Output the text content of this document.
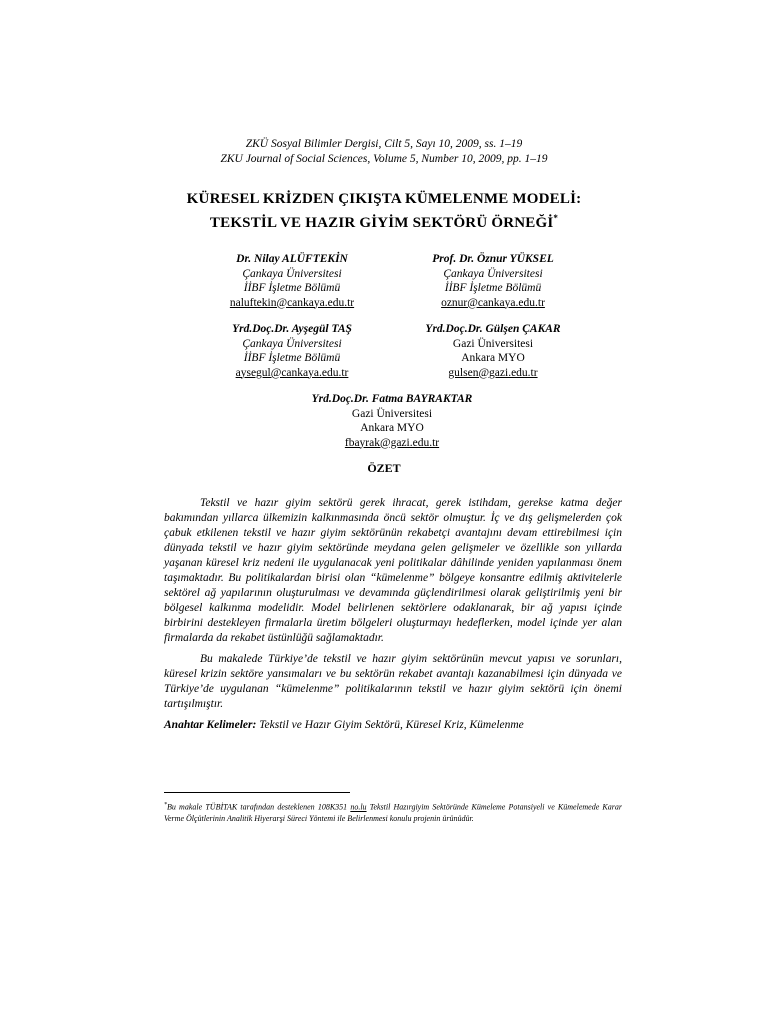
ZKÜ Sosyal Bilimler Dergisi, Cilt 5, Sayı 10, 2009, ss. 1–19
ZKU Journal of Social Sciences, Volume 5, Number 10, 2009, pp. 1–19
KÜRESEL KRİZDEN ÇIKIŞTA KÜMELENME MODELİ:
TEKSTİL VE HAZIR GİYİM SEKTÖRÜ ÖRNEĞİ*
Dr. Nilay ALÜFTEKİN
Çankaya Üniversitesi
İİBF İşletme Bölümü
naluftekin@cankaya.edu.tr
Prof. Dr. Öznur YÜKSEL
Çankaya Üniversitesi
İİBF İşletme Bölümü
oznur@cankaya.edu.tr
Yrd.Doç.Dr. Ayşegül TAŞ
Çankaya Üniversitesi
İİBF İşletme Bölümü
aysegul@cankaya.edu.tr
Yrd.Doç.Dr. Gülşen ÇAKAR
Gazi Üniversitesi
Ankara MYO
gulsen@gazi.edu.tr
Yrd.Doç.Dr. Fatma BAYRAKTAR
Gazi Üniversitesi
Ankara MYO
fbayrak@gazi.edu.tr
ÖZET

Tekstil ve hazır giyim sektörü gerek ihracat, gerek istihdam, gerekse katma değer bakımından yıllarca ülkemizin kalkınmasında öncü sektör olmuştur. İç ve dış gelişmelerden çok çabuk etkilenen tekstil ve hazır giyim sektörünün rekabetçi avantajını devam ettirebilmesi için dünyada tekstil ve hazır giyim sektöründe meydana gelen gelişmeler ve özellikle son yıllarda yaşanan küresel kriz nedeni ile uygulanacak yeni politikalar dâhilinde yeniden yapılanması önem taşımaktadır. Bu politikalardan birisi olan “kümelenme” bölgeye konsantre edilmiş aktivitelerle sektörel ağ yapılarının oluşturulması ve devamında güçlendirilmesi olarak geliştirilmiş yeni bir bölgesel kalkınma modelidir. Model belirlenen sektörlere odaklanarak, bir ağ yapısı içinde birbirini destekleyen firmalarla üretim bölgeleri oluşturmayı hedeflerken, model içinde yer alan firmalarda da rekabet üstünlüğü sağlamaktadır.

Bu makalede Türkiye’de tekstil ve hazır giyim sektörünün mevcut yapısı ve sorunları, küresel krizin sektöre yansımaları ve bu sektörün rekabet avantajı kazanabilmesi için dünyada ve Türkiye’de uygulanan “kümelenme” politikalarının tekstil ve hazır giyim sektörü için önemi tartışılmıştır.

Anahtar Kelimeler: Tekstil ve Hazır Giyim Sektörü, Küresel Kriz, Kümelenme

*Bu makale TÜBİTAK tarafından desteklenen 108K351 no.lu Tekstil Hazırgiyim Sektöründe Kümeleme Potansiyeli ve Kümelemede Karar Verme Ölçütlerinin Analitik Hiyerarşi Süreci Yöntemi ile Belirlenmesi konulu projenin ürünüdür.
